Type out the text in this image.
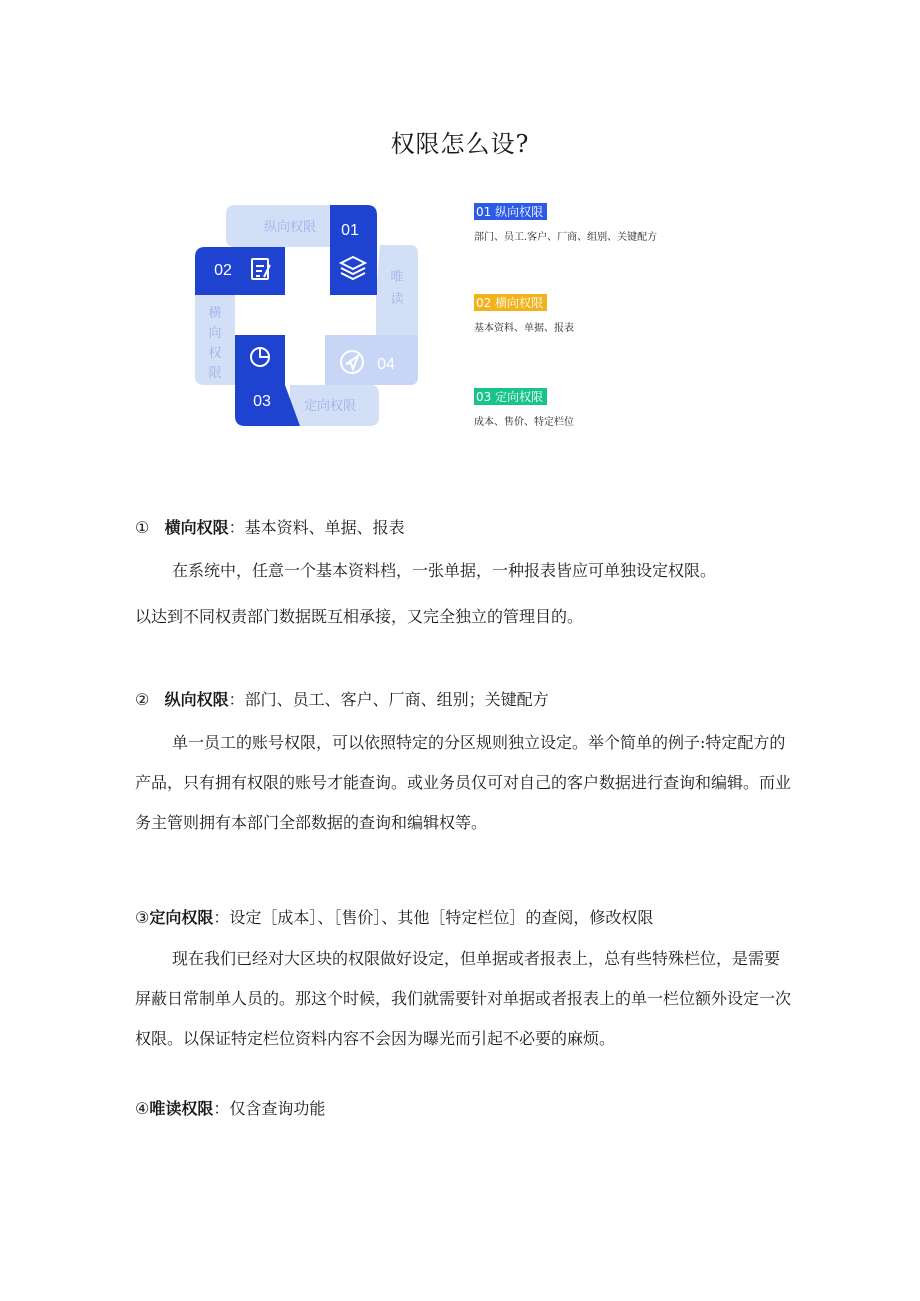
权限怎么设?
01
02
03
04
纵向权限
定向权限
横
向
权
限
唯
读
01 纵向权限
部门、员工.客户、厂商、组别、关键配方
02 横向权限
基本资料、单据、报表
03 定向权限
成本、售价、特定栏位
① 横向权限：基本资料、单据、报表

在系统中，任意一个基本资料档，一张单据，一种报表皆应可单独设定权限。

以达到不同权责部门数据既互相承接，又完全独立的管理目的。

② 纵向权限：部门、员工、客户、厂商、组别；关键配方

单一员工的账号权限，可以依照特定的分区规则独立设定。举个简单的例子:特定配方的产品，只有拥有权限的账号才能查询。或业务员仅可对自己的客户数据进行查询和编辑。而业务主管则拥有本部门全部数据的查询和编辑权等。

③定向权限：设定［成本］、［售价］、其他［特定栏位］的查阅，修改权限

现在我们已经对大区块的权限做好设定，但单据或者报表上，总有些特殊栏位，是需要屏蔽日常制单人员的。那这个时候，我们就需要针对单据或者报表上的单一栏位额外设定一次权限。以保证特定栏位资料内容不会因为曝光而引起不必要的麻烦。

④唯读权限：仅含查询功能
